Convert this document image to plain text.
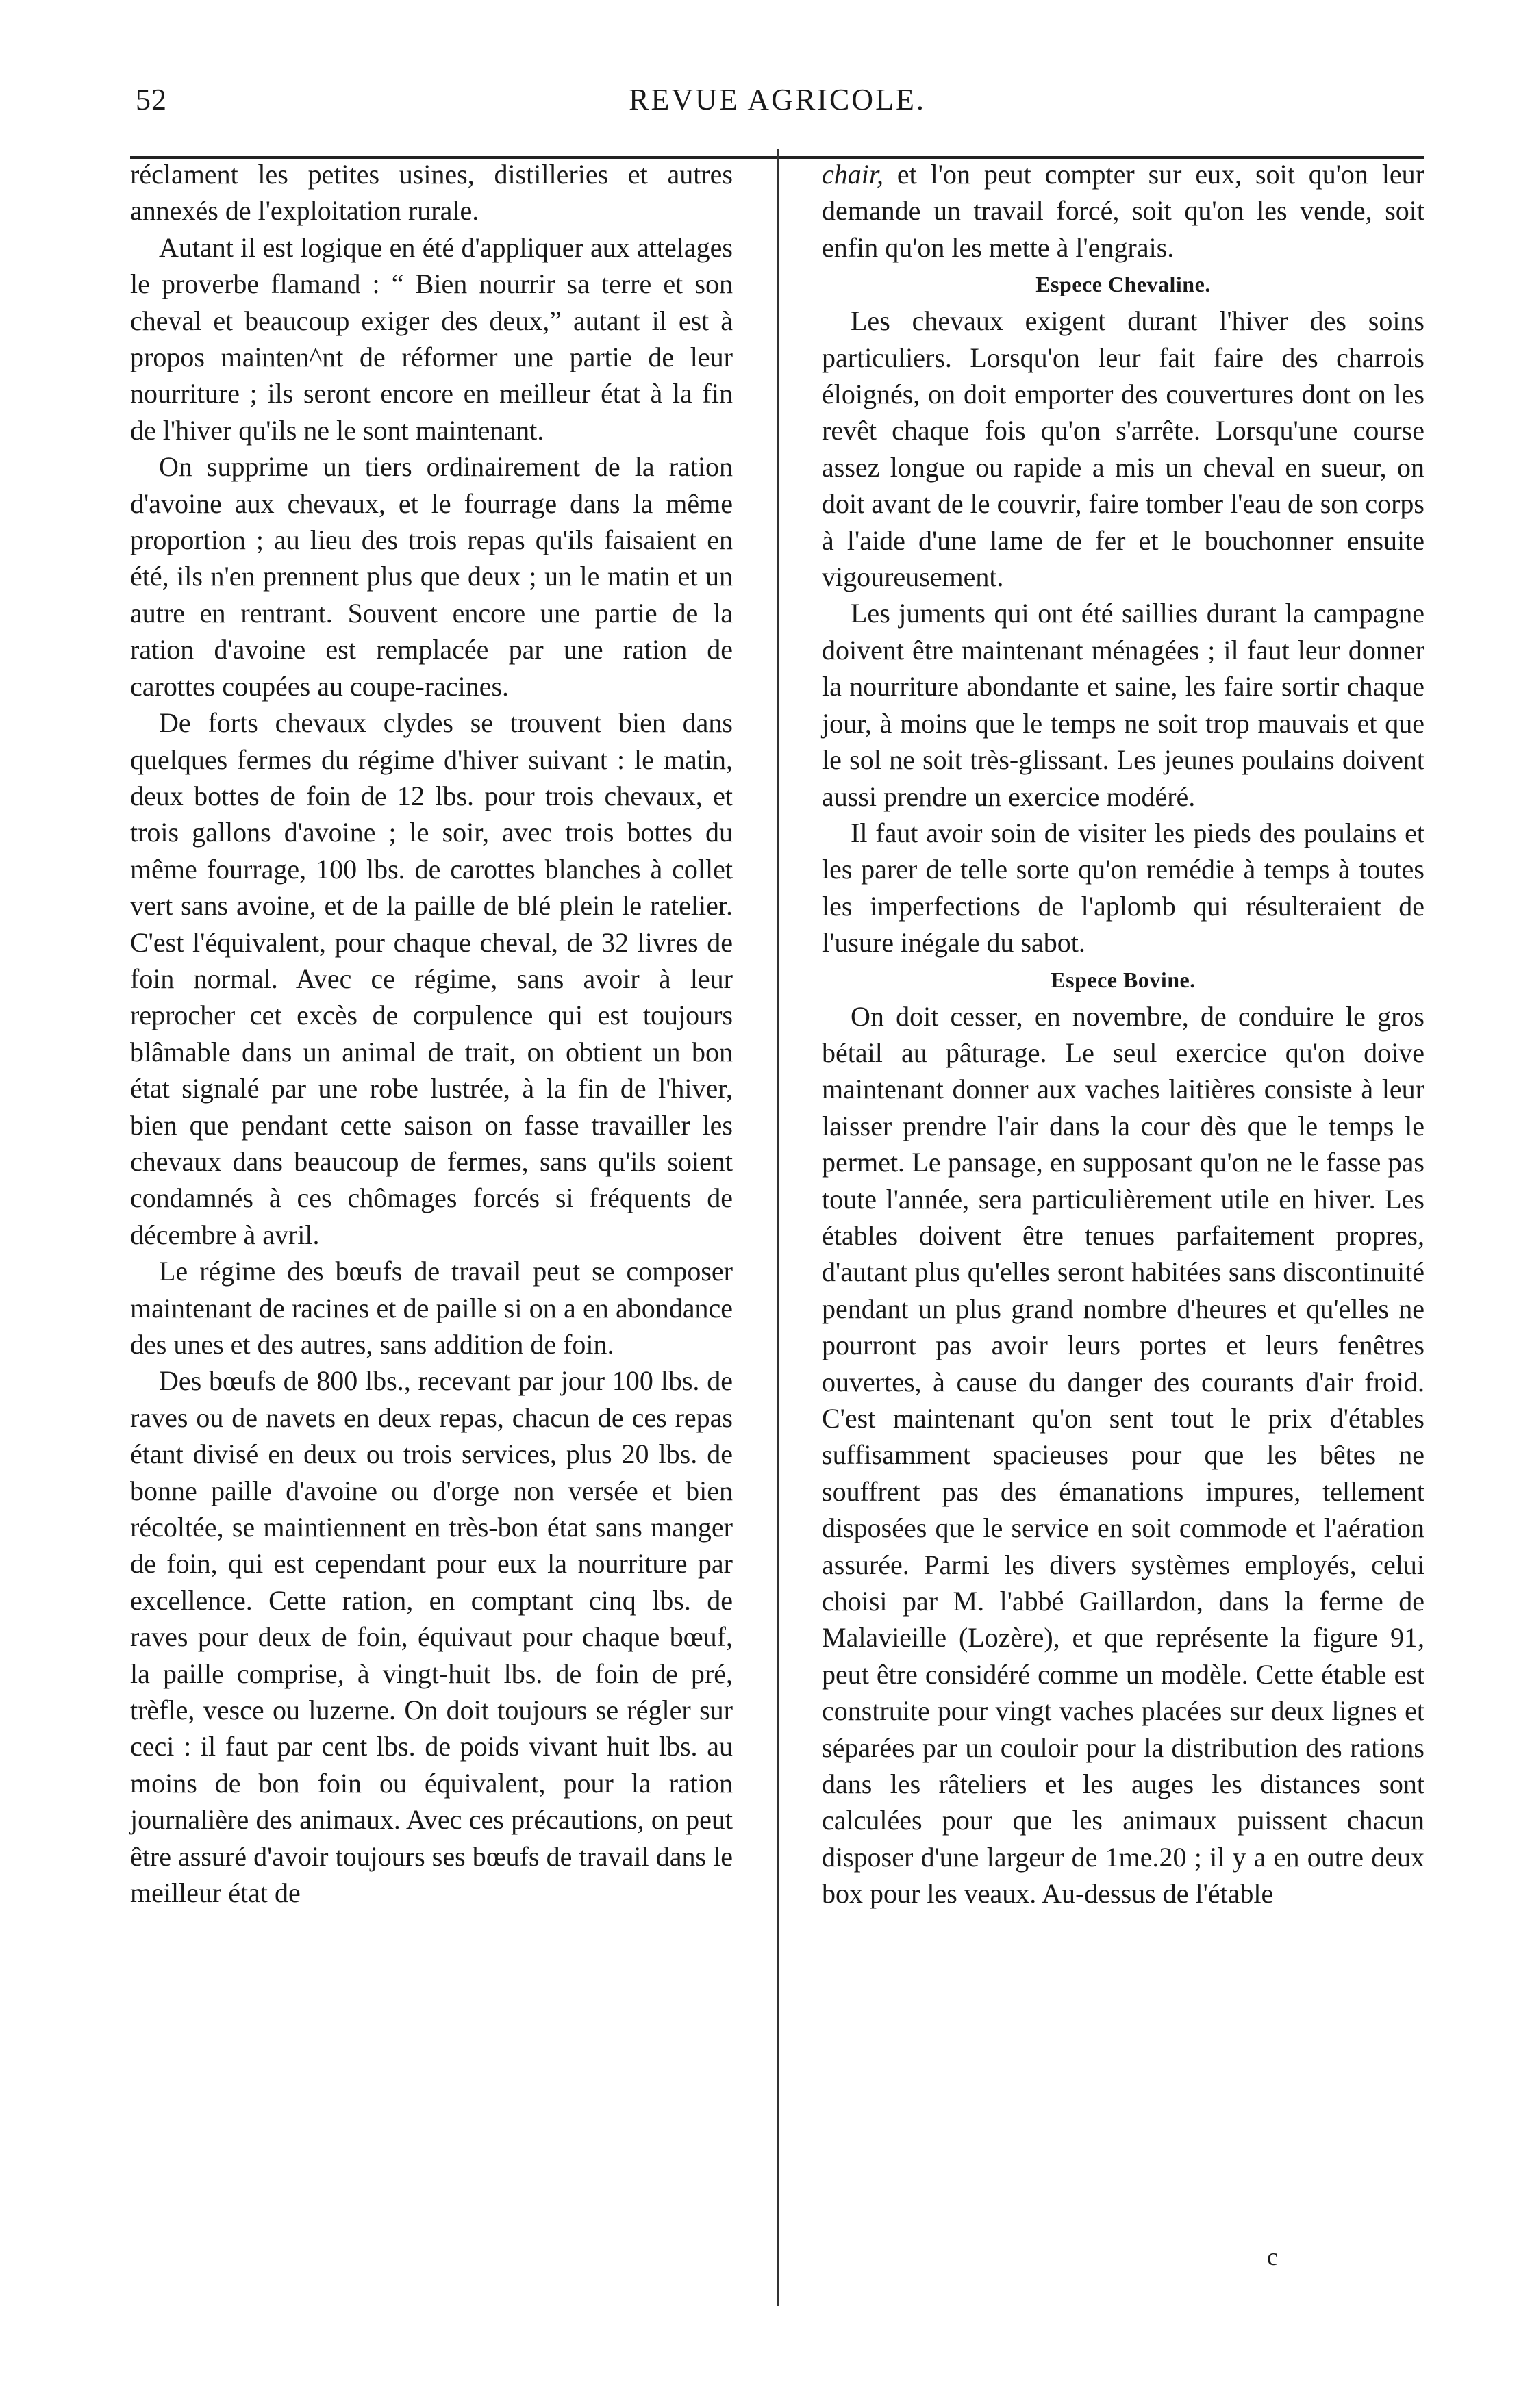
52	REVUE AGRICOLE.

réclament les petites usines, distilleries et autres annexés de l'exploitation rurale.

Autant il est logique en été d'appliquer aux attelages le proverbe flamand : “ Bien nourrir sa terre et son cheval et beaucoup exiger des deux,” autant il est à propos mainten^nt de réformer une partie de leur nourriture ; ils seront encore en meilleur état à la fin de l'hiver qu'ils ne le sont maintenant.

On supprime un tiers ordinairement de la ration d'avoine aux chevaux, et le fourrage dans la même proportion ; au lieu des trois repas qu'ils faisaient en été, ils n'en prennent plus que deux ; un le matin et un autre en rentrant. Souvent encore une partie de la ration d'avoine est remplacée par une ration de carottes coupées au coupe-racines.

De forts chevaux clydes se trouvent bien dans quelques fermes du régime d'hiver suivant : le matin, deux bottes de foin de 12 lbs. pour trois chevaux, et trois gallons d'avoine ; le soir, avec trois bottes du même fourrage, 100 lbs. de carottes blanches à collet vert sans avoine, et de la paille de blé plein le ratelier. C'est l'équivalent, pour chaque cheval, de 32 livres de foin normal. Avec ce régime, sans avoir à leur reprocher cet excès de corpulence qui est toujours blâmable dans un animal de trait, on obtient un bon état signalé par une robe lustrée, à la fin de l'hiver, bien que pendant cette saison on fasse travailler les chevaux dans beaucoup de fermes, sans qu'ils soient condamnés à ces chômages forcés si fréquents de décembre à avril.

Le régime des bœufs de travail peut se composer maintenant de racines et de paille si on a en abondance des unes et des autres, sans addition de foin.

Des bœufs de 800 lbs., recevant par jour 100 lbs. de raves ou de navets en deux repas, chacun de ces repas étant divisé en deux ou trois services, plus 20 lbs. de bonne paille d'avoine ou d'orge non versée et bien récoltée, se maintiennent en très-bon état sans manger de foin, qui est cependant pour eux la nourriture par excellence. Cette ration, en comptant cinq lbs. de raves pour deux de foin, équivaut pour chaque bœuf, la paille comprise, à vingt-huit lbs. de foin de pré, trèfle, vesce ou luzerne. On doit toujours se régler sur ceci : il faut par cent lbs. de poids vivant huit lbs. au moins de bon foin ou équivalent, pour la ration journalière des animaux. Avec ces précautions, on peut être assuré d'avoir toujours ses bœufs de travail dans le meilleur état de

chair, et l'on peut compter sur eux, soit qu'on leur demande un travail forcé, soit qu'on les vende, soit enfin qu'on les mette à l'engrais.

Espece Chevaline.

Les chevaux exigent durant l'hiver des soins particuliers. Lorsqu'on leur fait faire des charrois éloignés, on doit emporter des couvertures dont on les revêt chaque fois qu'on s'arrête. Lorsqu'une course assez longue ou rapide a mis un cheval en sueur, on doit avant de le couvrir, faire tomber l'eau de son corps à l'aide d'une lame de fer et le bouchonner ensuite vigoureusement.

Les juments qui ont été saillies durant la campagne doivent être maintenant ménagées ; il faut leur donner la nourriture abondante et saine, les faire sortir chaque jour, à moins que le temps ne soit trop mauvais et que le sol ne soit très-glissant. Les jeunes poulains doivent aussi prendre un exercice modéré.

Il faut avoir soin de visiter les pieds des poulains et les parer de telle sorte qu'on remédie à temps à toutes les imperfections de l'aplomb qui résulteraient de l'usure inégale du sabot.

Espece Bovine.

On doit cesser, en novembre, de conduire le gros bétail au pâturage. Le seul exercice qu'on doive maintenant donner aux vaches laitières consiste à leur laisser prendre l'air dans la cour dès que le temps le permet. Le pansage, en supposant qu'on ne le fasse pas toute l'année, sera particulièrement utile en hiver. Les étables doivent être tenues parfaitement propres, d'autant plus qu'elles seront habitées sans discontinuité pendant un plus grand nombre d'heures et qu'elles ne pourront pas avoir leurs portes et leurs fenêtres ouvertes, à cause du danger des courants d'air froid. C'est maintenant qu'on sent tout le prix d'étables suffisamment spacieuses pour que les bêtes ne souffrent pas des émanations impures, tellement disposées que le service en soit commode et l'aération assurée. Parmi les divers systèmes employés, celui choisi par M. l'abbé Gaillardon, dans la ferme de Malavieille (Lozère), et que représente la figure 91, peut être considéré comme un modèle. Cette étable est construite pour vingt vaches placées sur deux lignes et séparées par un couloir pour la distribution des rations dans les râteliers et les auges les distances sont calculées pour que les animaux puissent chacun disposer d'une largeur de 1me.20 ; il y a en outre deux box pour les veaux. Au-dessus de l'étable

c
